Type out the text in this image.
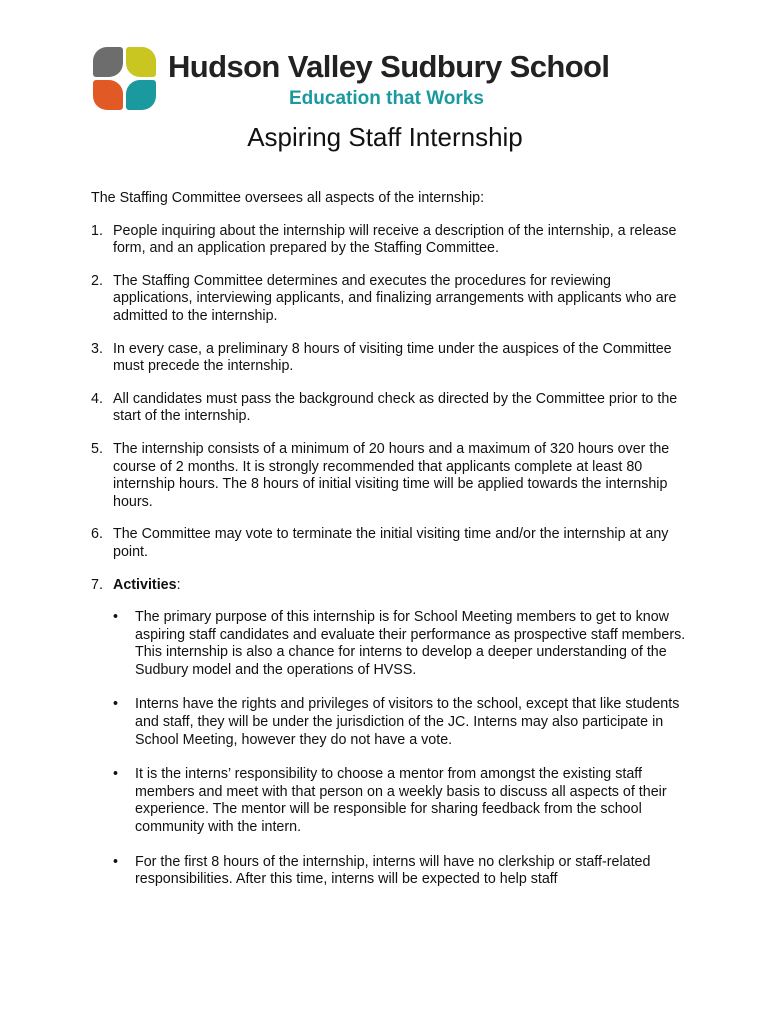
Hudson Valley Sudbury School
Education that Works
Aspiring Staff Internship

The Staffing Committee oversees all aspects of the internship:

1. People inquiring about the internship will receive a description of the internship, a release form, and an application prepared by the Staffing Committee.
2. The Staffing Committee determines and executes the procedures for reviewing applications, interviewing applicants, and finalizing arrangements with applicants who are admitted to the internship.
3. In every case, a preliminary 8 hours of visiting time under the auspices of the Committee must precede the internship.
4. All candidates must pass the background check as directed by the Committee prior to the start of the internship.
5. The internship consists of a minimum of 20 hours and a maximum of 320 hours over the course of 2 months. It is strongly recommended that applicants complete at least 80 internship hours. The 8 hours of initial visiting time will be applied towards the internship hours.
6. The Committee may vote to terminate the initial visiting time and/or the internship at any point.
7. Activities:
• The primary purpose of this internship is for School Meeting members to get to know aspiring staff candidates and evaluate their performance as prospective staff members. This internship is also a chance for interns to develop a deeper understanding of the Sudbury model and the operations of HVSS.
• Interns have the rights and privileges of visitors to the school, except that like students and staff, they will be under the jurisdiction of the JC. Interns may also participate in School Meeting, however they do not have a vote.
• It is the interns’ responsibility to choose a mentor from amongst the existing staff members and meet with that person on a weekly basis to discuss all aspects of their experience. The mentor will be responsible for sharing feedback from the school community with the intern.
• For the first 8 hours of the internship, interns will have no clerkship or staff-related responsibilities. After this time, interns will be expected to help staff
